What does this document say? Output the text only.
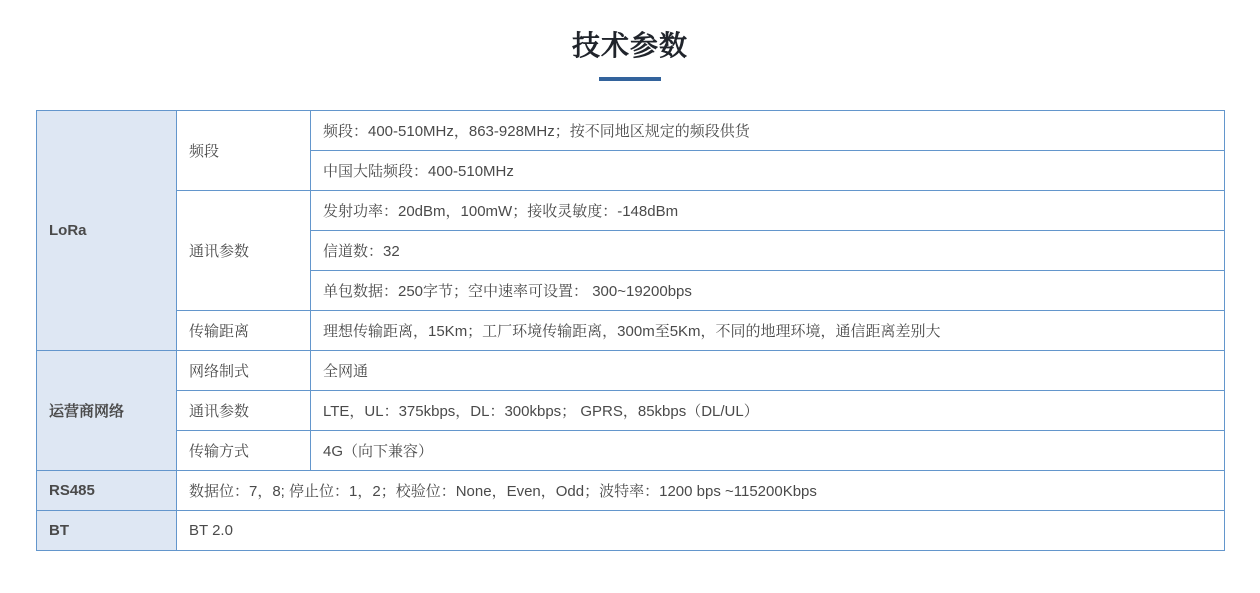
技术参数
LoRa	频段	频段：400-510MHz，863-928MHz；按不同地区规定的频段供货
		中国大陆频段：400-510MHz
	通讯参数	发射功率：20dBm，100mW；接收灵敏度：-148dBm
		信道数：32
		单包数据：250字节；空中速率可设置： 300~19200bps
	传输距离	理想传输距离，15Km；工厂环境传输距离，300m至5Km，不同的地理环境，通信距离差别大
运营商网络	网络制式	全网通
	通讯参数	LTE，UL：375kbps，DL：300kbps； GPRS，85kbps（DL/UL）
	传输方式	4G（向下兼容）
RS485	数据位：7，8; 停止位：1，2；校验位：None，Even，Odd；波特率：1200 bps ~115200Kbps	
BT	BT 2.0	
